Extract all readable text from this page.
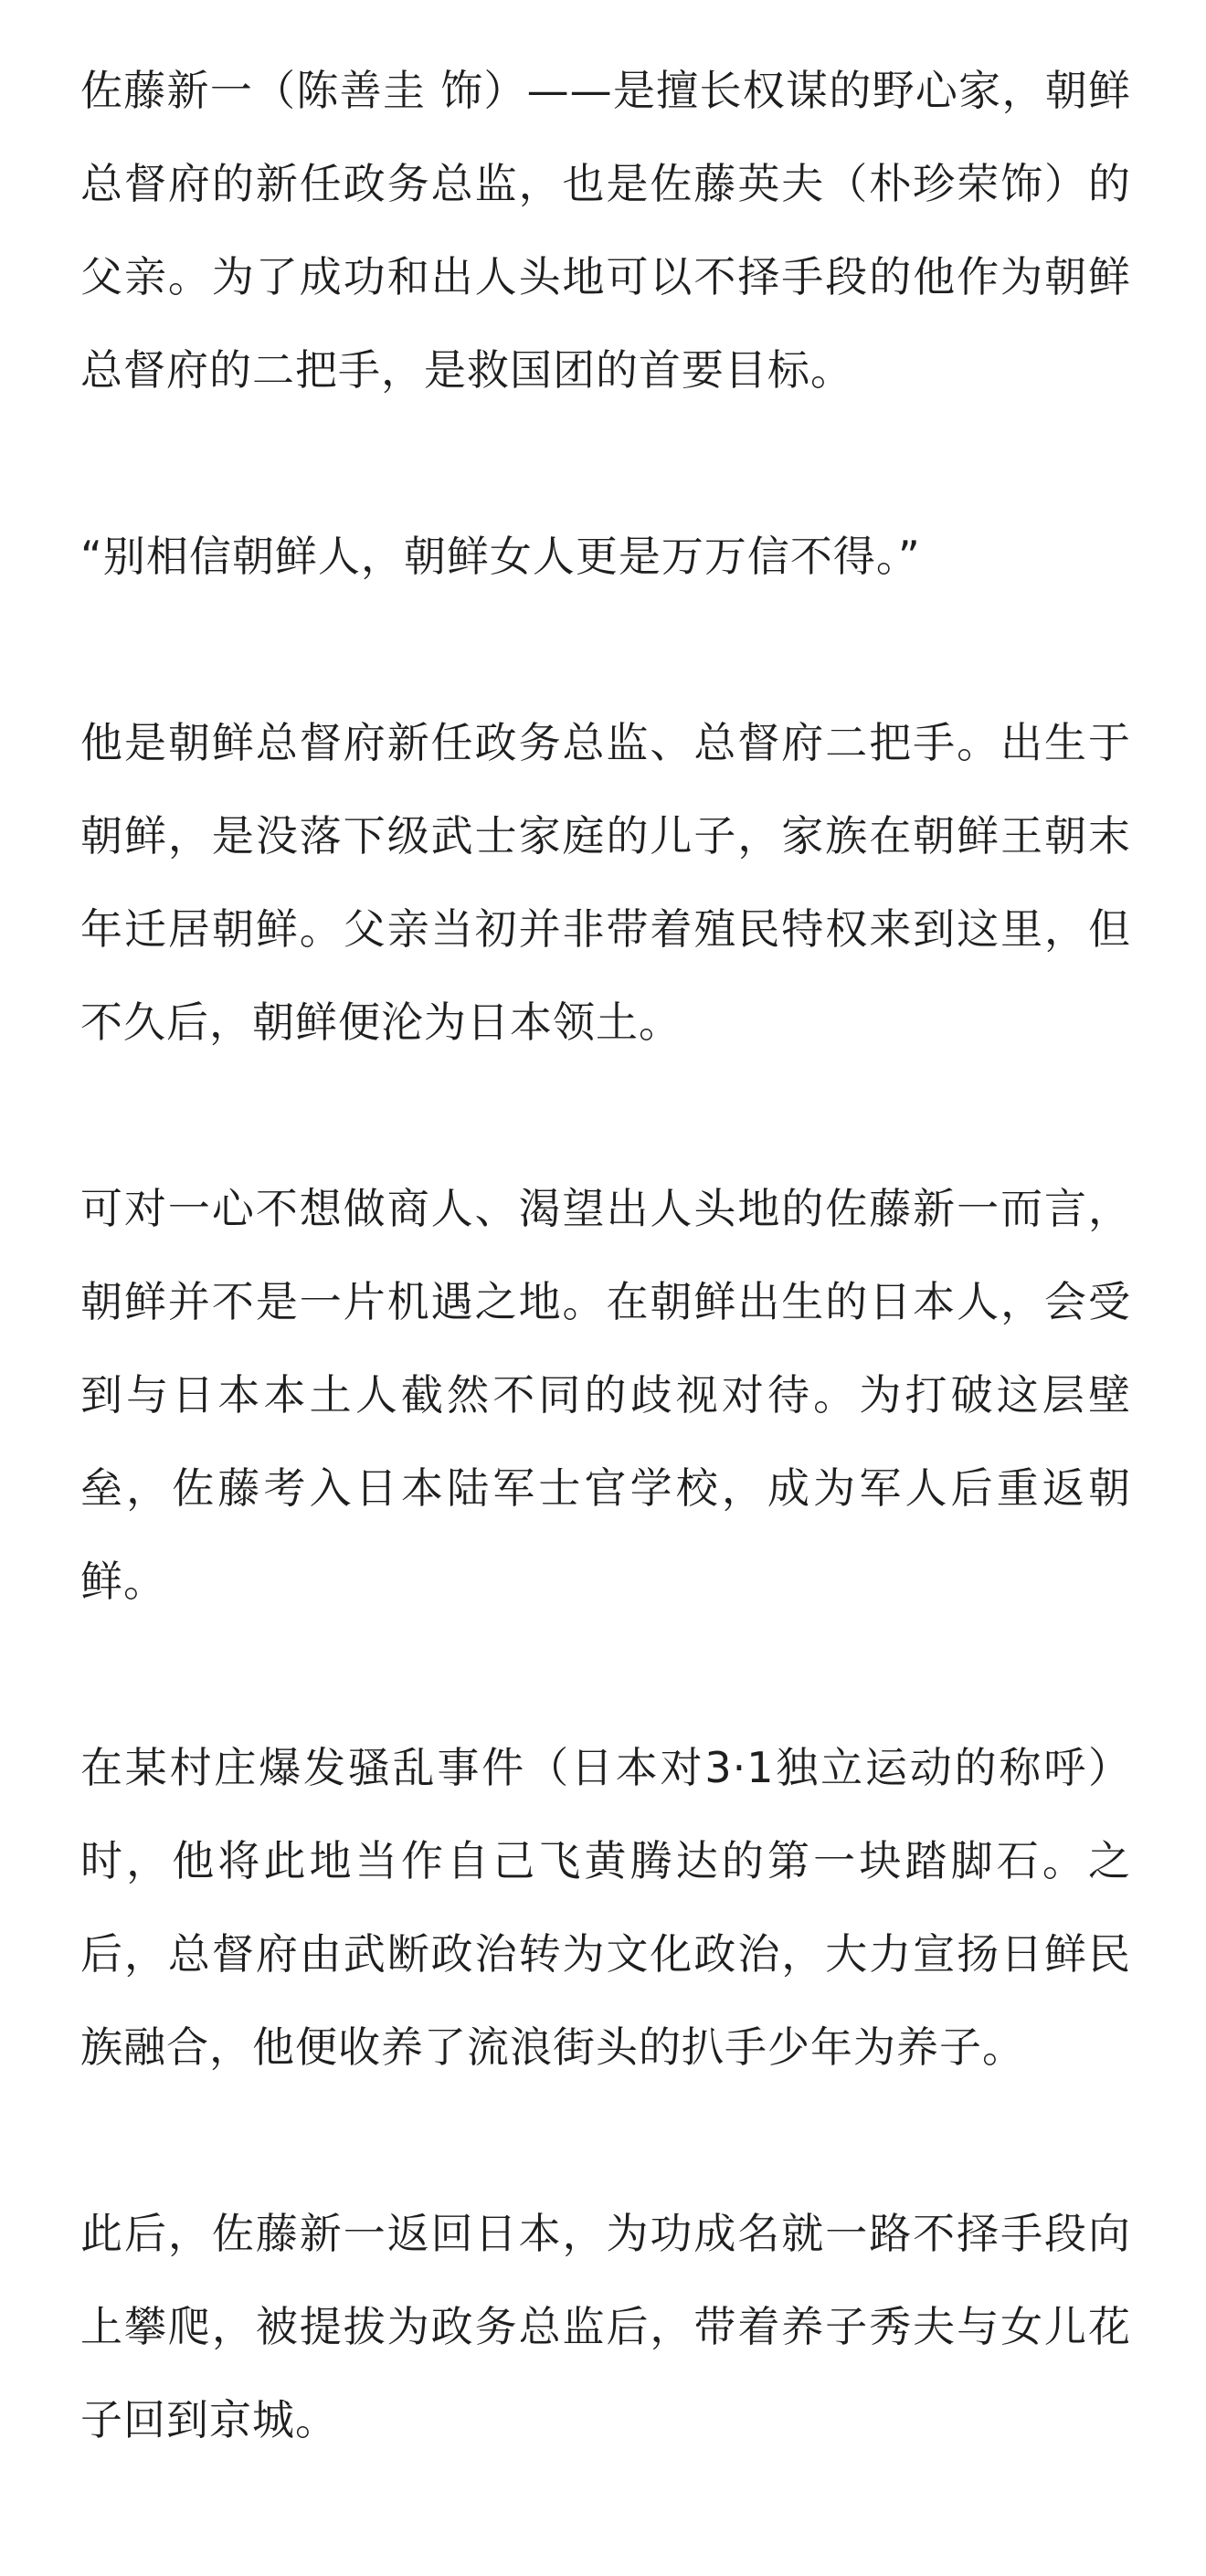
佐藤新一（陈善圭 饰）——是擅长权谋的野心家，朝鲜总督府的新任政务总监，也是佐藤英夫（朴珍荣饰）的父亲。为了成功和出人头地可以不择手段的他作为朝鲜总督府的二把手，是救国团的首要目标。

“别相信朝鲜人，朝鲜女人更是万万信不得。”

他是朝鲜总督府新任政务总监、总督府二把手。出生于朝鲜，是没落下级武士家庭的儿子，家族在朝鲜王朝末年迁居朝鲜。父亲当初并非带着殖民特权来到这里，但不久后，朝鲜便沦为日本领土。

可对一心不想做商人、渴望出人头地的佐藤新一而言，朝鲜并不是一片机遇之地。在朝鲜出生的日本人，会受到与日本本土人截然不同的歧视对待。为打破这层壁垒，佐藤考入日本陆军士官学校，成为军人后重返朝鲜。

在某村庄爆发骚乱事件（日本对3·1独立运动的称呼）时，他将此地当作自己飞黄腾达的第一块踏脚石。之后，总督府由武断政治转为文化政治，大力宣扬日鲜民族融合，他便收养了流浪街头的扒手少年为养子。

此后，佐藤新一返回日本，为功成名就一路不择手段向上攀爬，被提拔为政务总监后，带着养子秀夫与女儿花子回到京城。
